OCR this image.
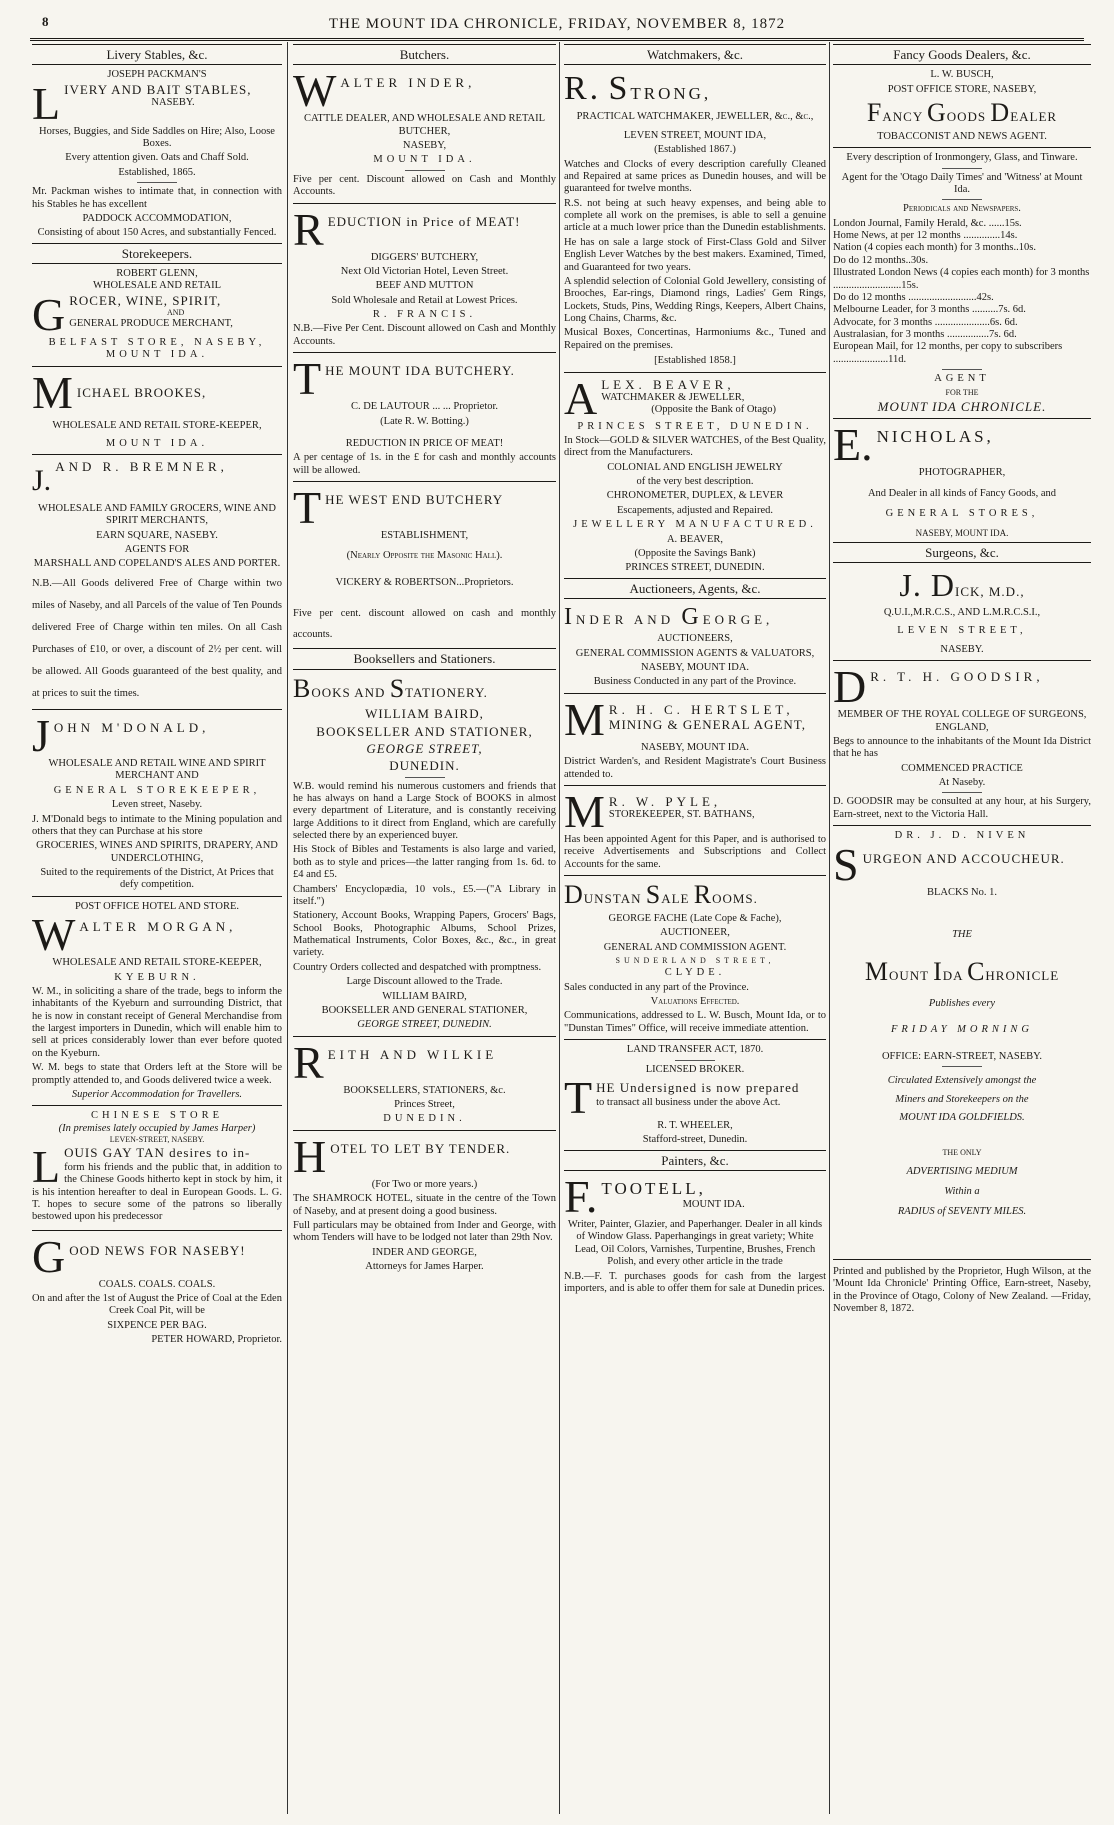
8	THE MOUNT IDA CHRONICLE, FRIDAY, NOVEMBER 8, 1872
Livery Stables, &c.
JOSEPH PACKMAN'S
L IVERY AND BAIT STABLES,
NASEBY.

Horses, Buggies, and Side Saddles on Hire; Also, Loose Boxes.

Every attention given. Oats and Chaff Sold.

Established, 1865.

Mr. Packman wishes to intimate that, in connection with his Stables he has excellent

PADDOCK ACCOMMODATION,

Consisting of about 150 Acres, and substantially Fenced.

Storekeepers.
ROBERT GLENN,
WHOLESALE AND RETAIL
G ROCER, WINE, SPIRIT,
AND
GENERAL PRODUCE MERCHANT,

BELFAST STORE, NASEBY, MOUNT IDA.

M ICHAEL BROOKES,

WHOLESALE AND RETAIL STORE-KEEPER,

MOUNT IDA.

J. AND R. BREMNER,

WHOLESALE AND FAMILY GROCERS, WINE AND SPIRIT MERCHANTS,

EARN SQUARE, NASEBY.

AGENTS FOR

MARSHALL AND COPELAND'S ALES AND PORTER.

N.B.—All Goods delivered Free of Charge within two miles of Naseby, and all Parcels of the value of Ten Pounds delivered Free of Charge within ten miles. On all Cash Purchases of £10, or over, a discount of 2½ per cent. will be allowed. All Goods guaranteed of the best quality, and at prices to suit the times.

J OHN M'DONALD,

WHOLESALE AND RETAIL WINE AND SPIRIT MERCHANT AND

GENERAL STOREKEEPER,

Leven street, Naseby.

J. M'Donald begs to intimate to the Mining population and others that they can Purchase at his store

GROCERIES, WINES AND SPIRITS, DRAPERY, AND UNDERCLOTHING,

Suited to the requirements of the District, At Prices that defy competition.

POST OFFICE HOTEL AND STORE.
W ALTER MORGAN,

WHOLESALE AND RETAIL STORE-KEEPER,

KYEBURN.

W. M., in soliciting a share of the trade, begs to inform the inhabitants of the Kyeburn and surrounding District, that he is now in constant receipt of General Merchandise from the largest importers in Dunedin, which will enable him to sell at prices considerably lower than ever before quoted on the Kyeburn.

W. M. begs to state that Orders left at the Store will be promptly attended to, and Goods delivered twice a week.

Superior Accommodation for Travellers.

CHINESE STORE
(In premises lately occupied by James Harper)
LEVEN-STREET, NASEBY.
L OUIS GAY TAN desires to in-

form his friends and the public that, in addition to the Chinese Goods hitherto kept in stock by him, it is his intention hereafter to deal in European Goods. L. G. T. hopes to secure some of the patrons so liberally bestowed upon his predecessor

G OOD NEWS FOR NASEBY!

COALS. COALS. COALS.

On and after the 1st of August the Price of Coal at the Eden Creek Coal Pit, will be

SIXPENCE PER BAG.

PETER HOWARD, Proprietor.

Butchers.
W ALTER INDER,

CATTLE DEALER, AND WHOLESALE AND RETAIL BUTCHER,

NASEBY,

MOUNT IDA.

Five per cent. Discount allowed on Cash and Monthly Accounts.

R EDUCTION in Price of MEAT!

DIGGERS' BUTCHERY,

Next Old Victorian Hotel, Leven Street.

BEEF AND MUTTON

Sold Wholesale and Retail at Lowest Prices.

R. FRANCIS.

N.B.—Five Per Cent. Discount allowed on Cash and Monthly Accounts.

T HE MOUNT IDA BUTCHERY.

C. DE LAUTOUR ... ... Proprietor.

(Late R. W. Botting.)

REDUCTION IN PRICE OF MEAT!

A per centage of 1s. in the £ for cash and monthly accounts will be allowed.

T HE WEST END BUTCHERY

ESTABLISHMENT,

(Nearly Opposite the Masonic Hall).

VICKERY & ROBERTSON...Proprietors.

Five per cent. discount allowed on cash and monthly accounts.

Booksellers and Stationers.
BOOKS AND STATIONERY.

WILLIAM BAIRD,

BOOKSELLER AND STATIONER,

GEORGE STREET,

DUNEDIN.

W.B. would remind his numerous customers and friends that he has always on hand a Large Stock of BOOKS in almost every department of Literature, and is constantly receiving large Additions to it direct from England, which are carefully selected there by an experienced buyer.

His Stock of Bibles and Testaments is also large and varied, both as to style and prices—the latter ranging from 1s. 6d. to £4 and £5.

Chambers' Encyclopædia, 10 vols., £5.—("A Library in itself.")

Stationery, Account Books, Wrapping Papers, Grocers' Bags, School Books, Photographic Albums, School Prizes, Mathematical Instruments, Color Boxes, &c., &c., in great variety.

Country Orders collected and despatched with promptness.

Large Discount allowed to the Trade.

WILLIAM BAIRD,

BOOKSELLER AND GENERAL STATIONER,

GEORGE STREET, DUNEDIN.

R EITH AND WILKIE

BOOKSELLERS, STATIONERS, &c.

Princes Street,

DUNEDIN.

H OTEL TO LET BY TENDER.

(For Two or more years.)

The SHAMROCK HOTEL, situate in the centre of the Town of Naseby, and at present doing a good business.

Full particulars may be obtained from Inder and George, with whom Tenders will have to be lodged not later than 29th Nov.

INDER AND GEORGE,

Attorneys for James Harper.

Watchmakers, &c.
R. STRONG,

PRACTICAL WATCHMAKER, JEWELLER, &c., &c.,

LEVEN STREET, MOUNT IDA,

(Established 1867.)

Watches and Clocks of every description carefully Cleaned and Repaired at same prices as Dunedin houses, and will be guaranteed for twelve months.

R.S. not being at such heavy expenses, and being able to complete all work on the premises, is able to sell a genuine article at a much lower price than the Dunedin establishments.

He has on sale a large stock of First-Class Gold and Silver English Lever Watches by the best makers. Examined, Timed, and Guaranteed for two years.

A splendid selection of Colonial Gold Jewellery, consisting of Brooches, Ear-rings, Diamond rings, Ladies' Gem Rings, Lockets, Studs, Pins, Wedding Rings, Keepers, Albert Chains, Long Chains, Charms, &c.

Musical Boxes, Concertinas, Harmoniums &c., Tuned and Repaired on the premises.

[Established 1858.]

A LEX. BEAVER,
WATCHMAKER & JEWELLER,
(Opposite the Bank of Otago)

PRINCES STREET, DUNEDIN.

In Stock—GOLD & SILVER WATCHES, of the Best Quality, direct from the Manufacturers.

COLONIAL AND ENGLISH JEWELRY

of the very best description.

CHRONOMETER, DUPLEX, & LEVER

Escapements, adjusted and Repaired.

JEWELLERY MANUFACTURED.

A. BEAVER,

(Opposite the Savings Bank)

PRINCES STREET, DUNEDIN.

Auctioneers, Agents, &c.
INDER AND GEORGE,

AUCTIONEERS,

GENERAL COMMISSION AGENTS & VALUATORS,

NASEBY, MOUNT IDA.

Business Conducted in any part of the Province.

M R. H. C. HERTSLET,
MINING & GENERAL AGENT,

NASEBY, MOUNT IDA.

District Warden's, and Resident Magistrate's Court Business attended to.

M R. W. PYLE,
STOREKEEPER, ST. BATHANS,

Has been appointed Agent for this Paper, and is authorised to receive Advertisements and Subscriptions and Collect Accounts for the same.

DUNSTAN SALE ROOMS.

GEORGE FACHE (Late Cope & Fache),

AUCTIONEER,

GENERAL AND COMMISSION AGENT.

SUNDERLAND STREET,

CLYDE.

Sales conducted in any part of the Province.

Valuations Effected.

Communications, addressed to L. W. Busch, Mount Ida, or to "Dunstan Times" Office, will receive immediate attention.

LAND TRANSFER ACT, 1870.
LICENSED BROKER.
T HE Undersigned is now prepared

to transact all business under the above Act.

R. T. WHEELER,

Stafford-street, Dunedin.

Painters, &c.
F. TOOTELL,
MOUNT IDA.

Writer, Painter, Glazier, and Paperhanger. Dealer in all kinds of Window Glass. Paperhangings in great variety; White Lead, Oil Colors, Varnishes, Turpentine, Brushes, French Polish, and every other article in the trade

N.B.—F. T. purchases goods for cash from the largest importers, and is able to offer them for sale at Dunedin prices.

Fancy Goods Dealers, &c.

L. W. BUSCH,

POST OFFICE STORE, NASEBY,

FANCY GOODS DEALER

TOBACCONIST AND NEWS AGENT.

Every description of Ironmongery, Glass, and Tinware.

Agent for the 'Otago Daily Times' and 'Witness' at Mount Ida.

Periodicals and Newspapers.

London Journal, Family Herald, &c. ......15s.
Home News, at per 12 months ..............14s.
Nation (4 copies each month) for 3 months..10s.
Do do 12 months..30s.
Illustrated London News (4 copies each month) for 3 months ..........................15s.
Do do 12 months ..........................42s.
Melbourne Leader, for 3 months ..........7s. 6d.
Advocate, for 3 months .....................6s. 6d.
Australasian, for 3 months ................7s. 6d.
European Mail, for 12 months, per copy to subscribers .....................11d.

AGENT

FOR THE

MOUNT IDA CHRONICLE.

E. NICHOLAS,

PHOTOGRAPHER,

And Dealer in all kinds of Fancy Goods, and

GENERAL STORES,

NASEBY, MOUNT IDA.

Surgeons, &c.
J. DICK, M.D.,

Q.U.I.,M.R.C.S., AND L.M.R.C.S.I.,

LEVEN STREET,

NASEBY.

D R. T. H. GOODSIR,

MEMBER OF THE ROYAL COLLEGE OF SURGEONS, ENGLAND,

Begs to announce to the inhabitants of the Mount Ida District that he has

COMMENCED PRACTICE

At Naseby.

D. GOODSIR may be consulted at any hour, at his Surgery, Earn-street, next to the Victoria Hall.

DR. J. D. NIVEN
S URGEON AND ACCOUCHEUR.

BLACKS No. 1.

THE

MOUNT IDA CHRONICLE

Publishes every

FRIDAY MORNING

OFFICE: EARN-STREET, NASEBY.

Circulated Extensively amongst the

Miners and Storekeepers on the

MOUNT IDA GOLDFIELDS.

THE ONLY

ADVERTISING MEDIUM

Within a

RADIUS of SEVENTY MILES.

Printed and published by the Proprietor, Hugh Wilson, at the 'Mount Ida Chronicle' Printing Office, Earn-street, Naseby, in the Province of Otago, Colony of New Zealand. —Friday, November 8, 1872.
